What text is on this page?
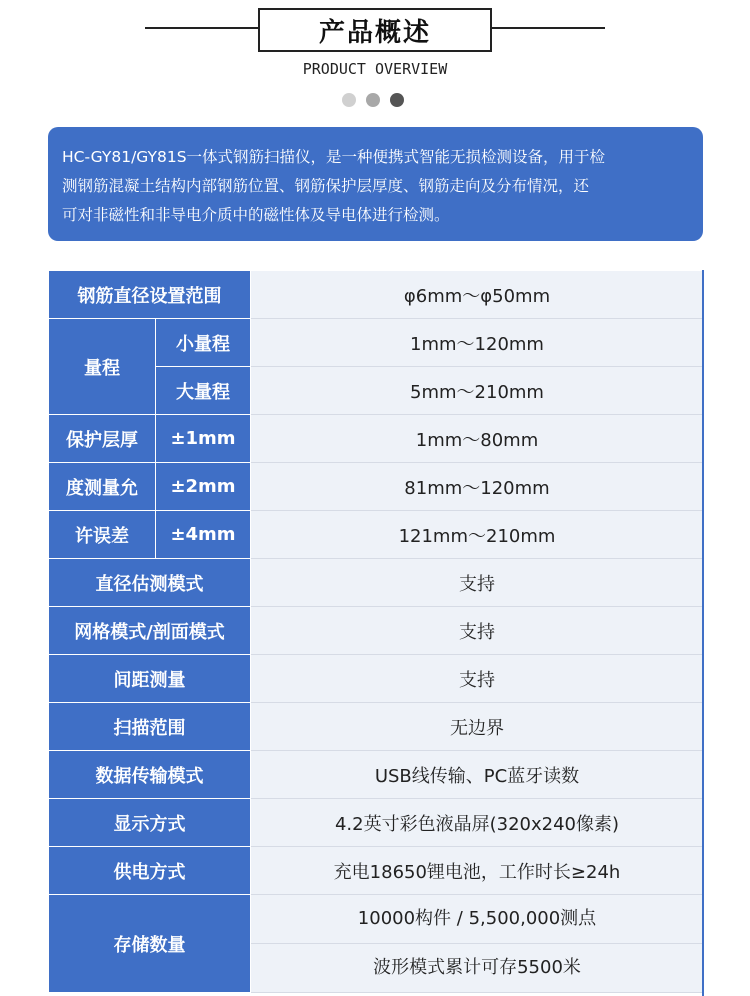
产品概述
PRODUCT OVERVIEW
HC-GY81/GY81S一体式钢筋扫描仪，是一种便携式智能无损检测设备，用于检
测钢筋混凝土结构内部钢筋位置、钢筋保护层厚度、钢筋走向及分布情况，还
可对非磁性和非导电介质中的磁性体及导电体进行检测。
钢筋直径设置范围		φ6mm～φ50mm
量程	小量程	1mm～120mm
	大量程	5mm～210mm
保护层厚	±1mm	1mm～80mm
度测量允	±2mm	81mm～120mm
许误差	±4mm	121mm～210mm
直径估测模式		支持
网格模式/剖面模式		支持
间距测量		支持
扫描范围		无边界
数据传输模式		USB线传输、PC蓝牙读数
显示方式		4.2英寸彩色液晶屏(320x240像素)
供电方式		充电18650锂电池，工作时长≥24h
存储数量		10000构件 / 5,500,000测点
		波形模式累计可存5500米
